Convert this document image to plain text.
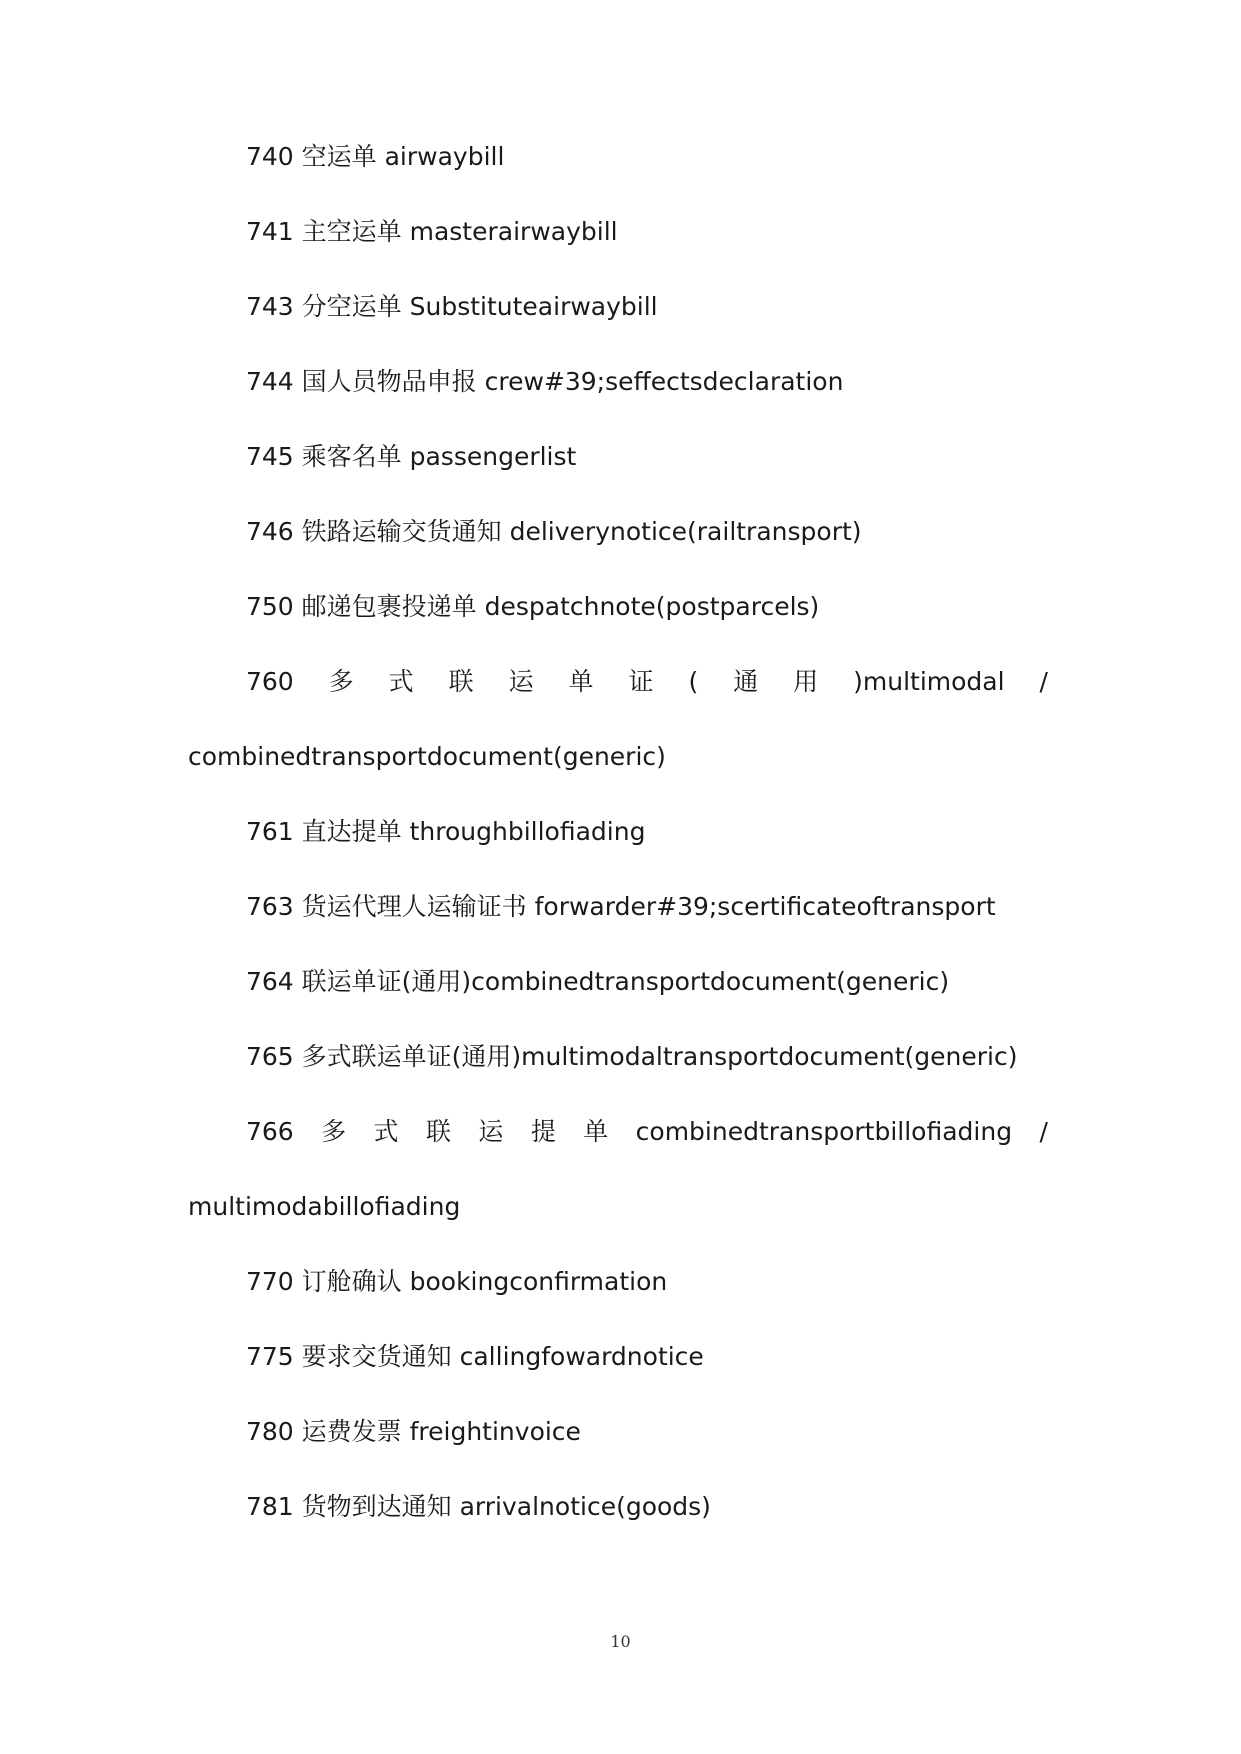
740 空运单 airwaybill
741 主空运单 masterairwaybill
743 分空运单 Substituteairwaybill
744 国人员物品申报 crew#39;seffectsdeclaration
745 乘客名单 passengerlist
746 铁路运输交货通知 deliverynotice(railtransport)
750 邮递包裹投递单 despatchnote(postparcels)
760 多 式 联 运 单 证 ( 通 用 )multimodal /
combinedtransportdocument(generic)
761 直达提单 throughbillofiading
763 货运代理人运输证书 forwarder#39;scertificateoftransport
764 联运单证(通用)combinedtransportdocument(generic)
765 多式联运单证(通用)multimodaltransportdocument(generic)
766 多 式 联 运 提 单 combinedtransportbillofiading /
multimodabillofiading
770 订舱确认 bookingconfirmation
775 要求交货通知 callingfowardnotice
780 运费发票 freightinvoice
781 货物到达通知 arrivalnotice(goods)
10
